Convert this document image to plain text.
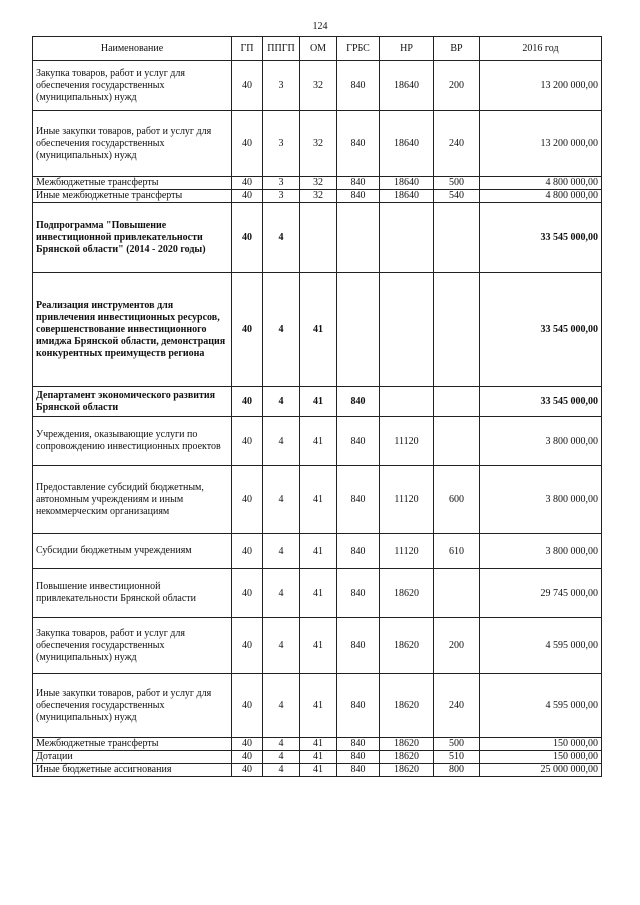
124
Наименование	ГП	ППГП	ОМ	ГРБС	НР	ВР	2016 год
Закупка товаров, работ и услуг для обеспечения государственных (муниципальных) нужд	40	3	32	840	18640	200	13 200 000,00
Иные закупки товаров, работ и услуг для обеспечения государственных (муниципальных) нужд	40	3	32	840	18640	240	13 200 000,00
Межбюджетные трансферты	40	3	32	840	18640	500	4 800 000,00
Иные межбюджетные трансферты	40	3	32	840	18640	540	4 800 000,00
Подпрограмма "Повышение инвестиционной привлекательности Брянской области" (2014 - 2020 годы)	40	4					33 545 000,00
Реализация инструментов для привлечения инвестиционных ресурсов, совершенствование инвестиционного имиджа Брянской области, демонстрация конкурентных преимуществ региона	40	4	41				33 545 000,00
Департамент экономического развития Брянской области	40	4	41	840			33 545 000,00
Учреждения, оказывающие услуги по сопровождению инвестиционных проектов	40	4	41	840	11120		3 800 000,00
Предоставление субсидий бюджетным, автономным учреждениям и иным некоммерческим организациям	40	4	41	840	11120	600	3 800 000,00
Субсидии бюджетным учреждениям	40	4	41	840	11120	610	3 800 000,00
Повышение инвестиционной привлекательности Брянской области	40	4	41	840	18620		29 745 000,00
Закупка товаров, работ и услуг для обеспечения государственных (муниципальных) нужд	40	4	41	840	18620	200	4 595 000,00
Иные закупки товаров, работ и услуг для обеспечения государственных (муниципальных) нужд	40	4	41	840	18620	240	4 595 000,00
Межбюджетные трансферты	40	4	41	840	18620	500	150 000,00
Дотации	40	4	41	840	18620	510	150 000,00
Иные бюджетные ассигнования	40	4	41	840	18620	800	25 000 000,00
